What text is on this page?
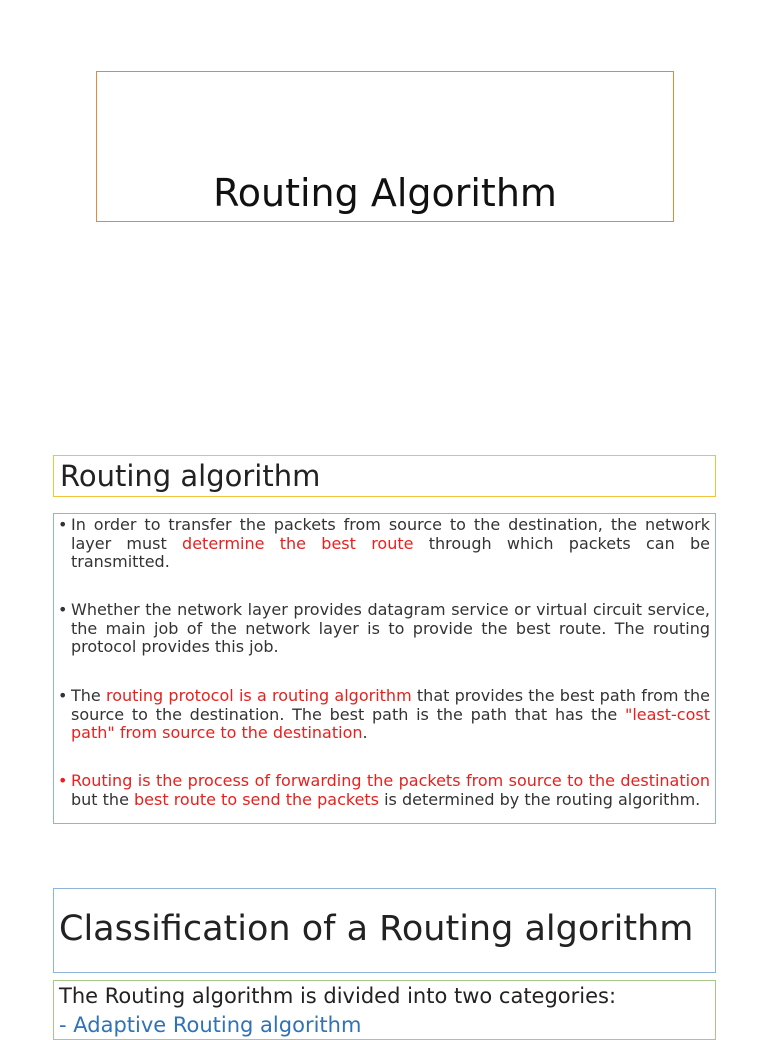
Routing Algorithm
Routing algorithm
• In order to transfer the packets from source to the destination, the network layer must determine the best route through which packets can be transmitted.
• Whether the network layer provides datagram service or virtual circuit service, the main job of the network layer is to provide the best route. The routing protocol provides this job.
• The routing protocol is a routing algorithm that provides the best path from the source to the destination. The best path is the path that has the "least-cost path" from source to the destination.
• Routing is the process of forwarding the packets from source to the destination but the best route to send the packets is determined by the routing algorithm.
Classification of a Routing algorithm
The Routing algorithm is divided into two categories:
- Adaptive Routing algorithm
